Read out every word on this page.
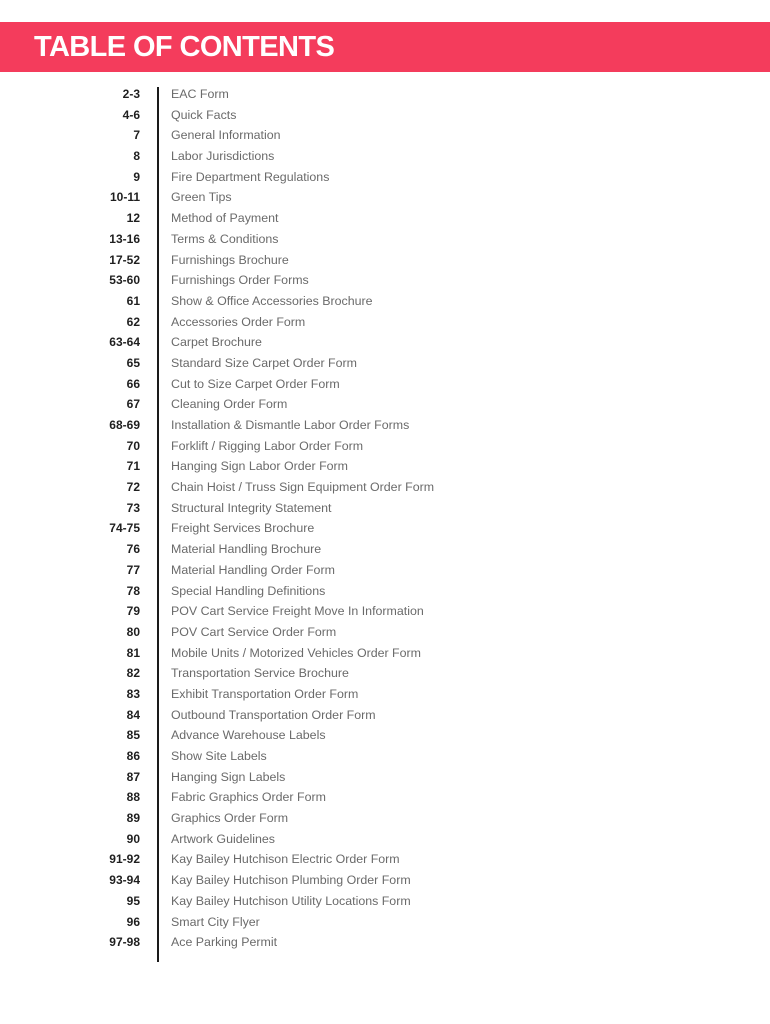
TABLE OF CONTENTS
2-3	EAC Form
4-6	Quick Facts
7	General Information
8	Labor Jurisdictions
9	Fire Department Regulations
10-11	Green Tips
12	Method of Payment
13-16	Terms & Conditions
17-52	Furnishings Brochure
53-60	Furnishings Order Forms
61	Show & Office Accessories Brochure
62	Accessories Order Form
63-64	Carpet Brochure
65	Standard Size Carpet Order Form
66	Cut to Size Carpet Order Form
67	Cleaning Order Form
68-69	Installation & Dismantle Labor Order Forms
70	Forklift / Rigging Labor Order Form
71	Hanging Sign Labor Order Form
72	Chain Hoist / Truss Sign Equipment Order Form
73	Structural Integrity Statement
74-75	Freight Services Brochure
76	Material Handling Brochure
77	Material Handling Order Form
78	Special Handling Definitions
79	POV Cart Service Freight Move In Information
80	POV Cart Service Order Form
81	Mobile Units / Motorized Vehicles Order Form
82	Transportation Service Brochure
83	Exhibit Transportation Order Form
84	Outbound Transportation Order Form
85	Advance Warehouse Labels
86	Show Site Labels
87	Hanging Sign Labels
88	Fabric Graphics Order Form
89	Graphics Order Form
90	Artwork Guidelines
91-92	Kay Bailey Hutchison Electric Order Form
93-94	Kay Bailey Hutchison Plumbing Order Form
95	Kay Bailey Hutchison Utility Locations Form
96	Smart City Flyer
97-98	Ace Parking Permit
